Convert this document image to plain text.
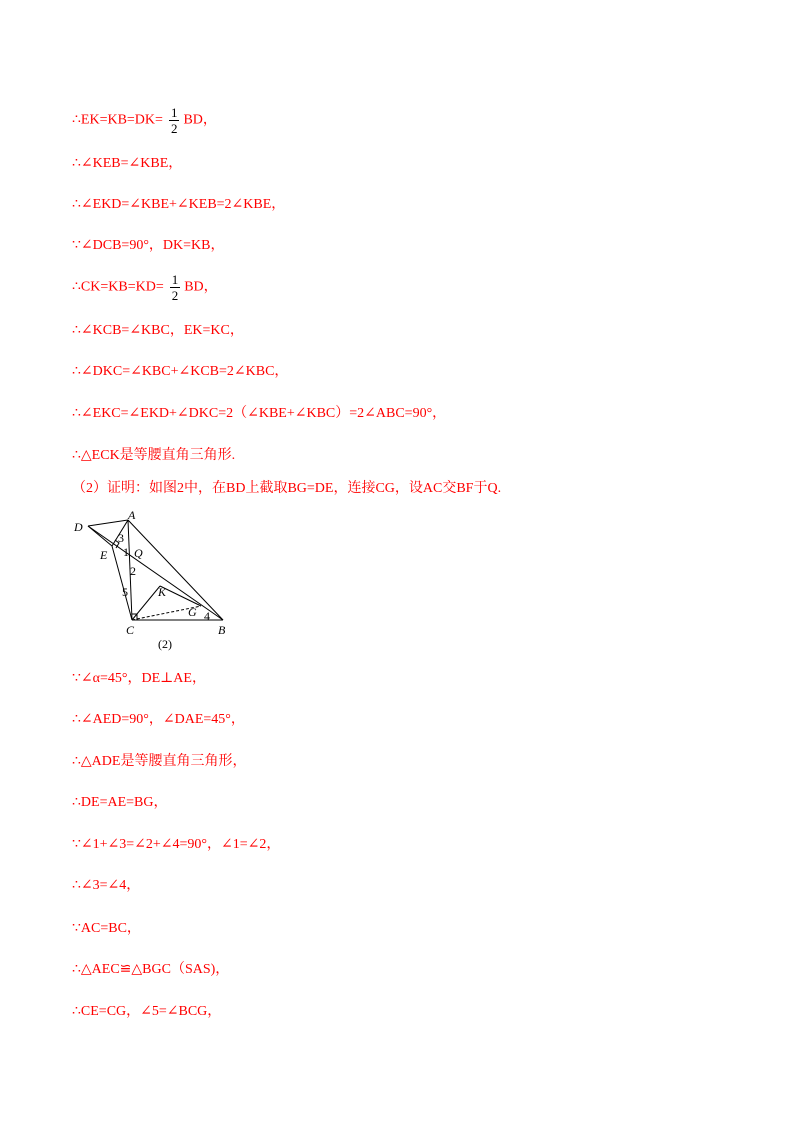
∴EK=KB=DK= $\frac{1}{2}$ BD，
∴∠KEB=∠KBE，
∴∠EKD=∠KBE+∠KEB=2∠KBE，
∵∠DCB=90°，DK=KB，
∴CK=KB=KD= $\frac{1}{2}$ BD，
∴∠KCB=∠KBC，EK=KC，
∴∠DKC=∠KBC+∠KCB=2∠KBC，
∴∠EKC=∠EKD+∠DKC=2（∠KBE+∠KBC）=2∠ABC=90°，
∴△ECK是等腰直角三角形.
（2）证明：如图2中，在BD上截取BG=DE，连接CG，设AC交BF于Q.
A
D
E Q
K
G
C	B
1
2
3
4
5
(2)
∵∠α=45°，DE⊥AE，
∴∠AED=90°，∠DAE=45°，
∴△ADE是等腰直角三角形，
∴DE=AE=BG，
∵∠1+∠3=∠2+∠4=90°，∠1=∠2，
∴∠3=∠4，
∵AC=BC，
∴△AEC≌△BGC（SAS)，
∴CE=CG，∠5=∠BCG，
